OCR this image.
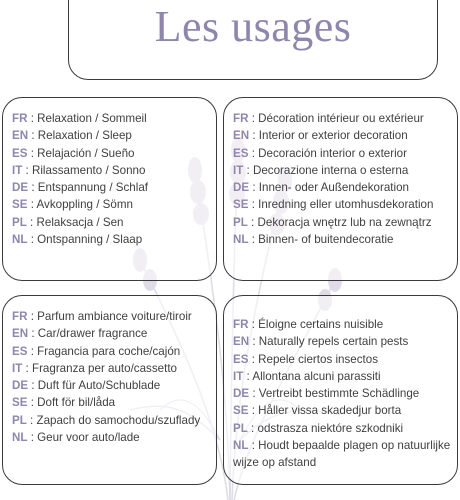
Les usages
FR : Relaxation / Sommeil
EN : Relaxation / Sleep
ES : Relajación / Sueño
IT : Rilassamento / Sonno
DE : Entspannung / Schlaf
SE : Avkoppling / Sömn
PL : Relaksacja / Sen
NL : Ontspanning / Slaap
FR : Décoration intérieur ou extérieur
EN : Interior or exterior decoration
ES : Decoración interior o exterior
IT : Decorazione interna o esterna
DE : Innen- oder Außendekoration
SE : Inredning eller utomhusdekoration
PL : Dekoracja wnętrz lub na zewnątrz
NL : Binnen- of buitendecoratie
FR : Parfum ambiance voiture/tiroir
EN : Car/drawer fragrance
ES : Fragancia para coche/cajón
IT : Fragranza per auto/cassetto
DE : Duft für Auto/Schublade
SE : Doft för bil/låda
PL : Zapach do samochodu/szuflady
NL : Geur voor auto/lade
FR : Éloigne certains nuisible
EN : Naturally repels certain pests
ES : Repele ciertos insectos
IT : Allontana alcuni parassiti
DE : Vertreibt bestimmte Schädlinge
SE : Håller vissa skadedjur borta
PL : odstrasza niektóre szkodniki
NL : Houdt bepaalde plagen op natuurlijke wijze op afstand
